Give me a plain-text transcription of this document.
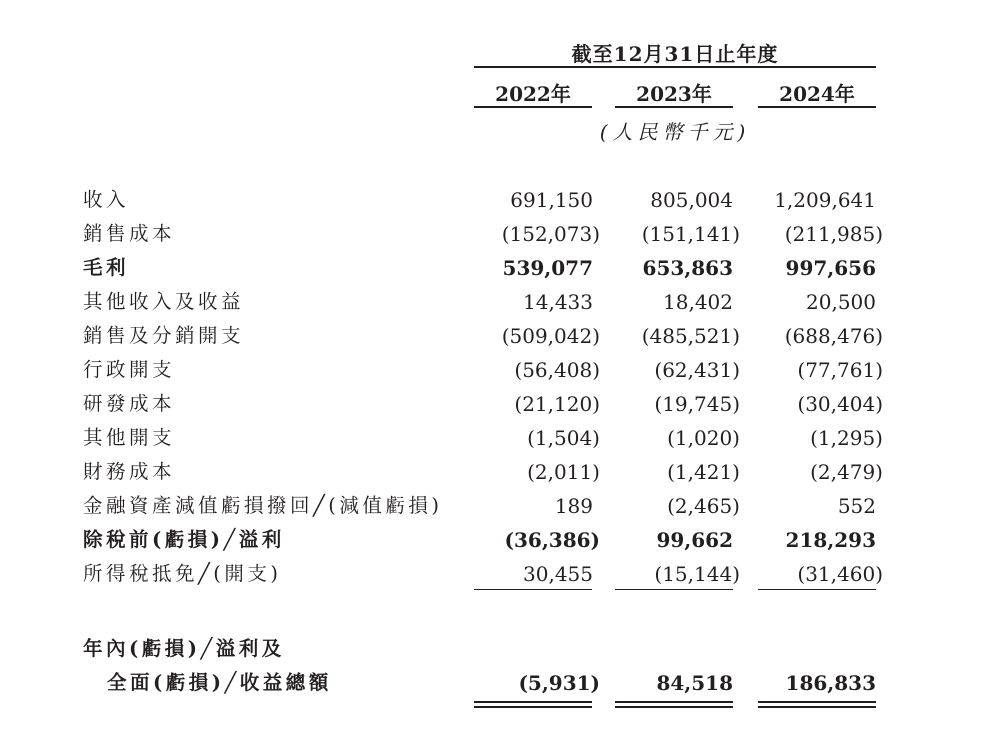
截至12月31日止年度
2022年	2023年	2024年
(人民幣千元)
收入	691,150	805,004	1,209,641
銷售成本	(152,073)	(151,141)	(211,985)
毛利	539,077	653,863	997,656
其他收入及收益	14,433	18,402	20,500
銷售及分銷開支	(509,042)	(485,521)	(688,476)
行政開支	(56,408)	(62,431)	(77,761)
研發成本	(21,120)	(19,745)	(30,404)
其他開支	(1,504)	(1,020)	(1,295)
財務成本	(2,011)	(1,421)	(2,479)
金融資產減值虧損撥回╱(減值虧損)	189	(2,465)	552
除稅前(虧損)╱溢利	(36,386)	99,662	218,293
所得稅抵免╱(開支)	30,455	(15,144)	(31,460)
年內(虧損)╱溢利及
全面(虧損)╱收益總額	(5,931)	84,518	186,833
